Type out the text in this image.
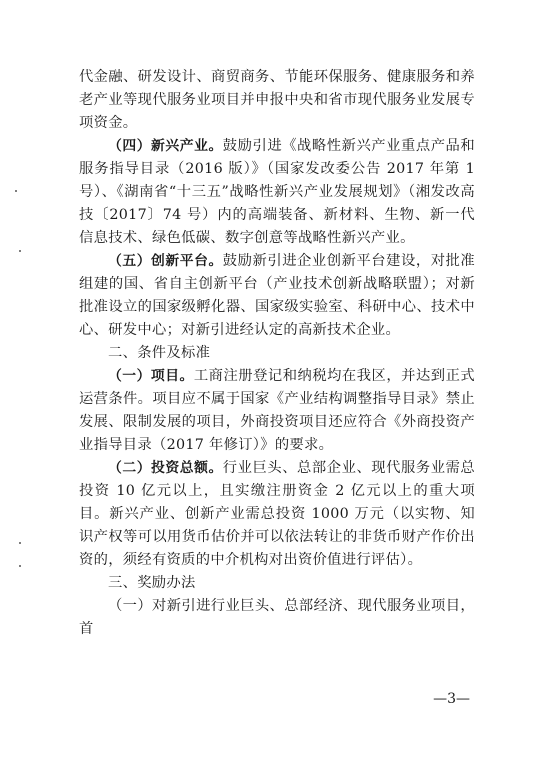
代金融、研发设计、商贸商务、节能环保服务、健康服务和养老产业等现代服务业项目并申报中央和省市现代服务业发展专项资金。

（四）新兴产业。鼓励引进《战略性新兴产业重点产品和服务指导目录（2016 版）》（国家发改委公告 2017 年第 1 号）、《湖南省“十三五”战略性新兴产业发展规划》（湘发改高技〔2017〕74 号）内的高端装备、新材料、生物、新一代信息技术、绿色低碳、数字创意等战略性新兴产业。

（五）创新平台。鼓励新引进企业创新平台建设，对批准组建的国、省自主创新平台（产业技术创新战略联盟）；对新批准设立的国家级孵化器、国家级实验室、科研中心、技术中心、研发中心；对新引进经认定的高新技术企业。

二、条件及标准

（一）项目。工商注册登记和纳税均在我区，并达到正式运营条件。项目应不属于国家《产业结构调整指导目录》禁止发展、限制发展的项目，外商投资项目还应符合《外商投资产业指导目录（2017 年修订）》的要求。

（二）投资总额。行业巨头、总部企业、现代服务业需总投资 10 亿元以上，且实缴注册资金 2 亿元以上的重大项目。新兴产业、创新产业需总投资 1000 万元（以实物、知识产权等可以用货币估价并可以依法转让的非货币财产作价出资的，须经有资质的中介机构对出资价值进行评估）。

三、奖励办法

（一）对新引进行业巨头、总部经济、现代服务业项目，首

—3—
